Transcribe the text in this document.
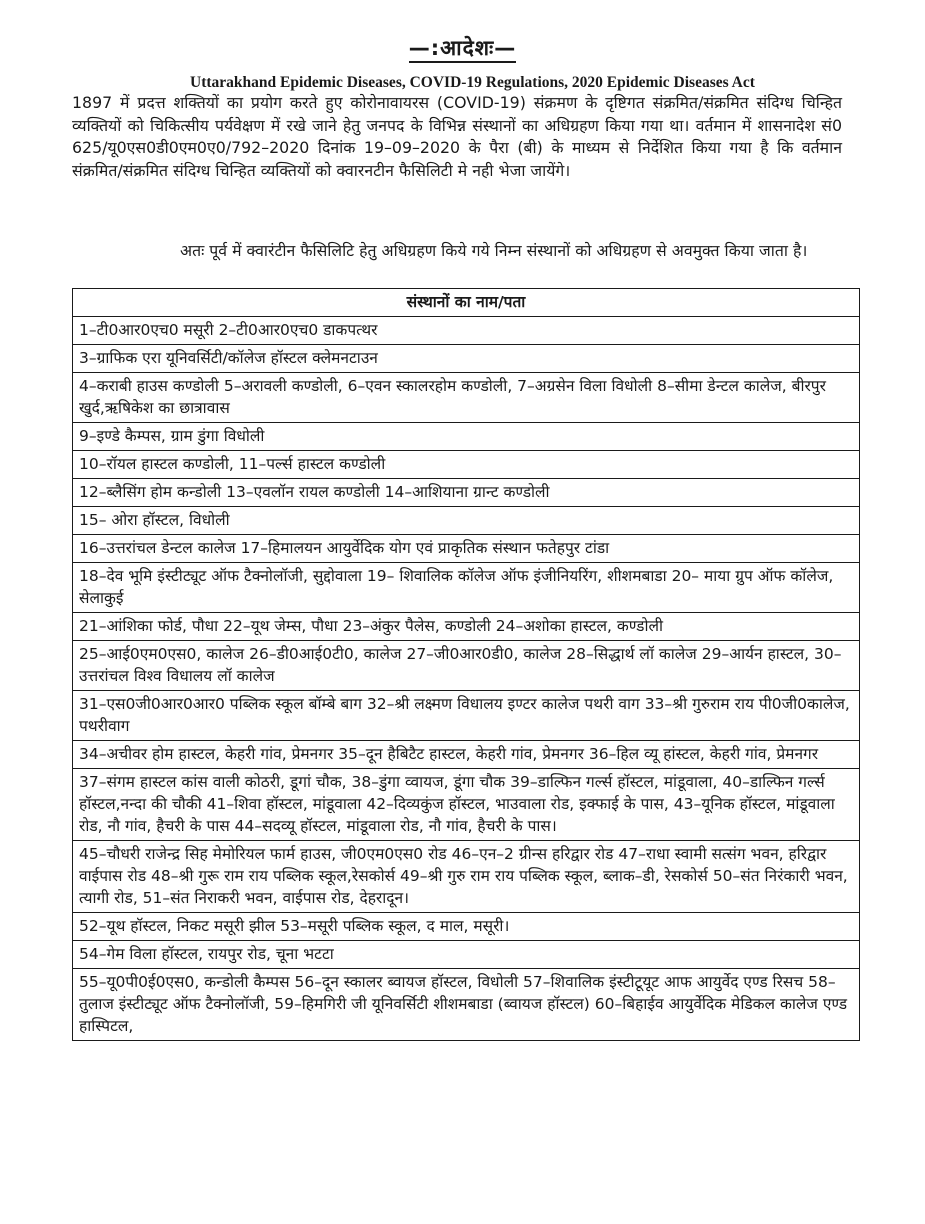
—:आदेशः—
Uttarakhand Epidemic Diseases, COVID-19 Regulations, 2020 Epidemic Diseases Act
1897 में प्रदत्त शक्तियों का प्रयोग करते हुए कोरोनावायरस (COVID-19) संक्रमण के दृष्टिगत संक्रमित/संक्रमित संदिग्ध चिन्हित व्यक्तियों को चिकित्सीय पर्यवेक्षण में रखे जाने हेतु जनपद के विभिन्न संस्थानों का अधिग्रहण किया गया था। वर्तमान में शासनादेश सं0 625/यू0एस0डी0एम0ए0/792–2020 दिनांक 19–09–2020 के पैरा (बी) के माध्यम से निर्देशित किया गया है कि वर्तमान संक्रमित/संक्रमित संदिग्ध चिन्हित व्यक्तियों को क्वारनटीन फैसिलिटी मे नही भेजा जायेंगे।
अतः पूर्व में क्वारंटीन फैसिलिटि हेतु अधिग्रहण किये गये निम्न संस्थानों को अधिग्रहण से अवमुक्त किया जाता है।
संस्थानों का नाम/पता
1–टी0आर0एच0 मसूरी 2–टी0आर0एच0 डाकपत्थर
3–ग्राफिक एरा यूनिवर्सिटी/कॉलेज हॉस्टल क्लेमनटाउन
4–कराबी हाउस कण्डोली 5–अरावली कण्डोली, 6–एवन स्कालरहोम कण्डोली, 7–अग्रसेन विला विधोली 8–सीमा डेन्टल कालेज, बीरपुर खुर्द,ऋषिकेश का छात्रावास
9–इण्डे कैम्पस, ग्राम डुंगा विधोली
10–रॉयल हास्टल कण्डोली, 11–पर्ल्स हास्टल कण्डोली
12–ब्लैसिंग होम कन्डोली 13–एवलॉन रायल कण्डोली 14–आशियाना ग्रान्ट कण्डोली
15– ओरा हॉस्टल, विधोली
16–उत्तरांचल डेन्टल कालेज 17–हिमालयन आयुर्वेदिक योग एवं प्राकृतिक संस्थान फतेहपुर टांडा
18–देव भूमि इंस्टीट्यूट ऑफ टैक्नोलॉजी, सुद्दोवाला 19– शिवालिक कॉलेज ऑफ इंजीनियरिंग, शीशमबाडा 20– माया ग्रुप ऑफ कॉलेज, सेलाकुई
21–आंशिका फोर्ड, पौधा 22–यूथ जेम्स, पौधा 23–अंकुर पैलेस, कण्डोली 24–अशोका हास्टल, कण्डोली
25–आई0एम0एस0, कालेज 26–डी0आई0टी0, कालेज 27–जी0आर0डी0, कालेज 28–सिद्धार्थ लॉ कालेज 29–आर्यन हास्टल, 30–उत्तरांचल विश्व विधालय लॉ कालेज
31–एस0जी0आर0आर0 पब्लिक स्कूल बॉम्बे बाग 32–श्री लक्ष्मण विधालय इण्टर कालेज पथरी वाग 33–श्री गुरुराम राय पी0जी0कालेज, पथरीवाग
34–अचीवर होम हास्टल, केहरी गांव, प्रेमनगर 35–दून हैबिटैट हास्टल, केहरी गांव, प्रेमनगर 36–हिल व्यू हांस्टल, केहरी गांव, प्रेमनगर
37–संगम हास्टल कांस वाली कोठरी, डूगां चौक, 38–डुंगा व्वायज, डूंगा चौक 39–डाल्फिन गर्ल्स हॉस्टल, मांडूवाला, 40–डाल्फिन गर्ल्स हॉस्टल,नन्दा की चौकी 41–शिवा हॉस्टल, मांडूवाला 42–दिव्यकुंज हॉस्टल, भाउवाला रोड, इक्फाई के पास, 43–यूनिक हॉस्टल, मांडूवाला रोड, नौ गांव, हैचरी के पास 44–सदव्यू हॉस्टल, मांडूवाला रोड, नौ गांव, हैचरी के पास।
45–चौधरी राजेन्द्र सिह मेमोरियल फार्म हाउस, जी0एम0एस0 रोड 46–एन–2 ग्रीन्स हरिद्वार रोड 47–राधा स्वामी सत्संग भवन, हरिद्वार वाईपास रोड 48–श्री गुरू राम राय पब्लिक स्कूल,रेसकोर्स 49–श्री गुरु राम राय पब्लिक स्कूल, ब्लाक–डी, रेसकोर्स 50–संत निरंकारी भवन, त्यागी रोड, 51–संत निराकरी भवन, वाईपास रोड, देहरादून।
52–यूथ हॉस्टल, निकट मसूरी झील 53–मसूरी पब्लिक स्कूल, द माल, मसूरी।
54–गेम विला हॉस्टल, रायपुर रोड, चूना भटटा
55–यू0पी0ई0एस0, कन्डोली कैम्पस 56–दून स्कालर ब्वायज हॉस्टल, विधोली 57–शिवालिक इंस्टीटूयूट आफ आयुर्वेद एण्ड रिसच 58–तुलाज इंस्टीट्यूट ऑफ टैक्नोलॉजी, 59–हिमगिरी जी यूनिवर्सिटी शीशमबाडा (ब्वायज हॉस्टल) 60–बिहाईव आयुर्वेदिक मेडिकल कालेज एण्ड हास्पिटल,
